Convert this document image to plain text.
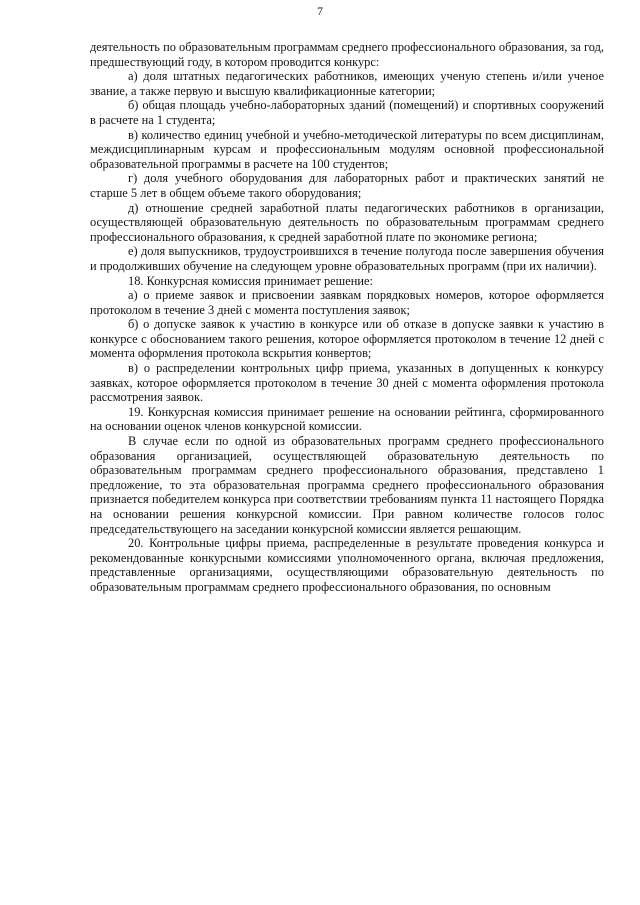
7

деятельность по образовательным программам среднего профессионального образования, за год, предшествующий году, в котором проводится конкурс:

а) доля штатных педагогических работников, имеющих ученую степень и/или ученое звание, а также первую и высшую квалификационные категории;

б) общая площадь учебно-лабораторных зданий (помещений) и спортивных сооружений в расчете на 1 студента;

в) количество единиц учебной и учебно-методической литературы по всем дисциплинам, междисциплинарным курсам и профессиональным модулям основной профессиональной образовательной программы в расчете на 100 студентов;

г) доля учебного оборудования для лабораторных работ и практических занятий не старше 5 лет в общем объеме такого оборудования;

д) отношение средней заработной платы педагогических работников в организации, осуществляющей образовательную деятельность по образовательным программам среднего профессионального образования, к средней заработной плате по экономике региона;

е) доля выпускников, трудоустроившихся в течение полугода после завершения обучения и продолживших обучение на следующем уровне образовательных программ (при их наличии).

18. Конкурсная комиссия принимает решение:

а) о приеме заявок и присвоении заявкам порядковых номеров, которое оформляется протоколом в течение 3 дней с момента поступления заявок;

б) о допуске заявок к участию в конкурсе или об отказе в допуске заявки к участию в конкурсе с обоснованием такого решения, которое оформляется протоколом в течение 12 дней с момента оформления протокола вскрытия конвертов;

в) о распределении контрольных цифр приема, указанных в допущенных к конкурсу заявках, которое оформляется протоколом в течение 30 дней с момента оформления протокола рассмотрения заявок.

19. Конкурсная комиссия принимает решение на основании рейтинга, сформированного на основании оценок членов конкурсной комиссии.

В случае если по одной из образовательных программ среднего профессионального образования организацией, осуществляющей образовательную деятельность по образовательным программам среднего профессионального образования, представлено 1 предложение, то эта образовательная программа среднего профессионального образования признается победителем конкурса при соответствии требованиям пункта 11 настоящего Порядка на основании решения конкурсной комиссии. При равном количестве голосов голос председательствующего на заседании конкурсной комиссии является решающим.

20. Контрольные цифры приема, распределенные в результате проведения конкурса и рекомендованные конкурсными комиссиями уполномоченного органа, включая предложения, представленные организациями, осуществляющими образовательную деятельность по образовательным программам среднего профессионального образования, по основным
